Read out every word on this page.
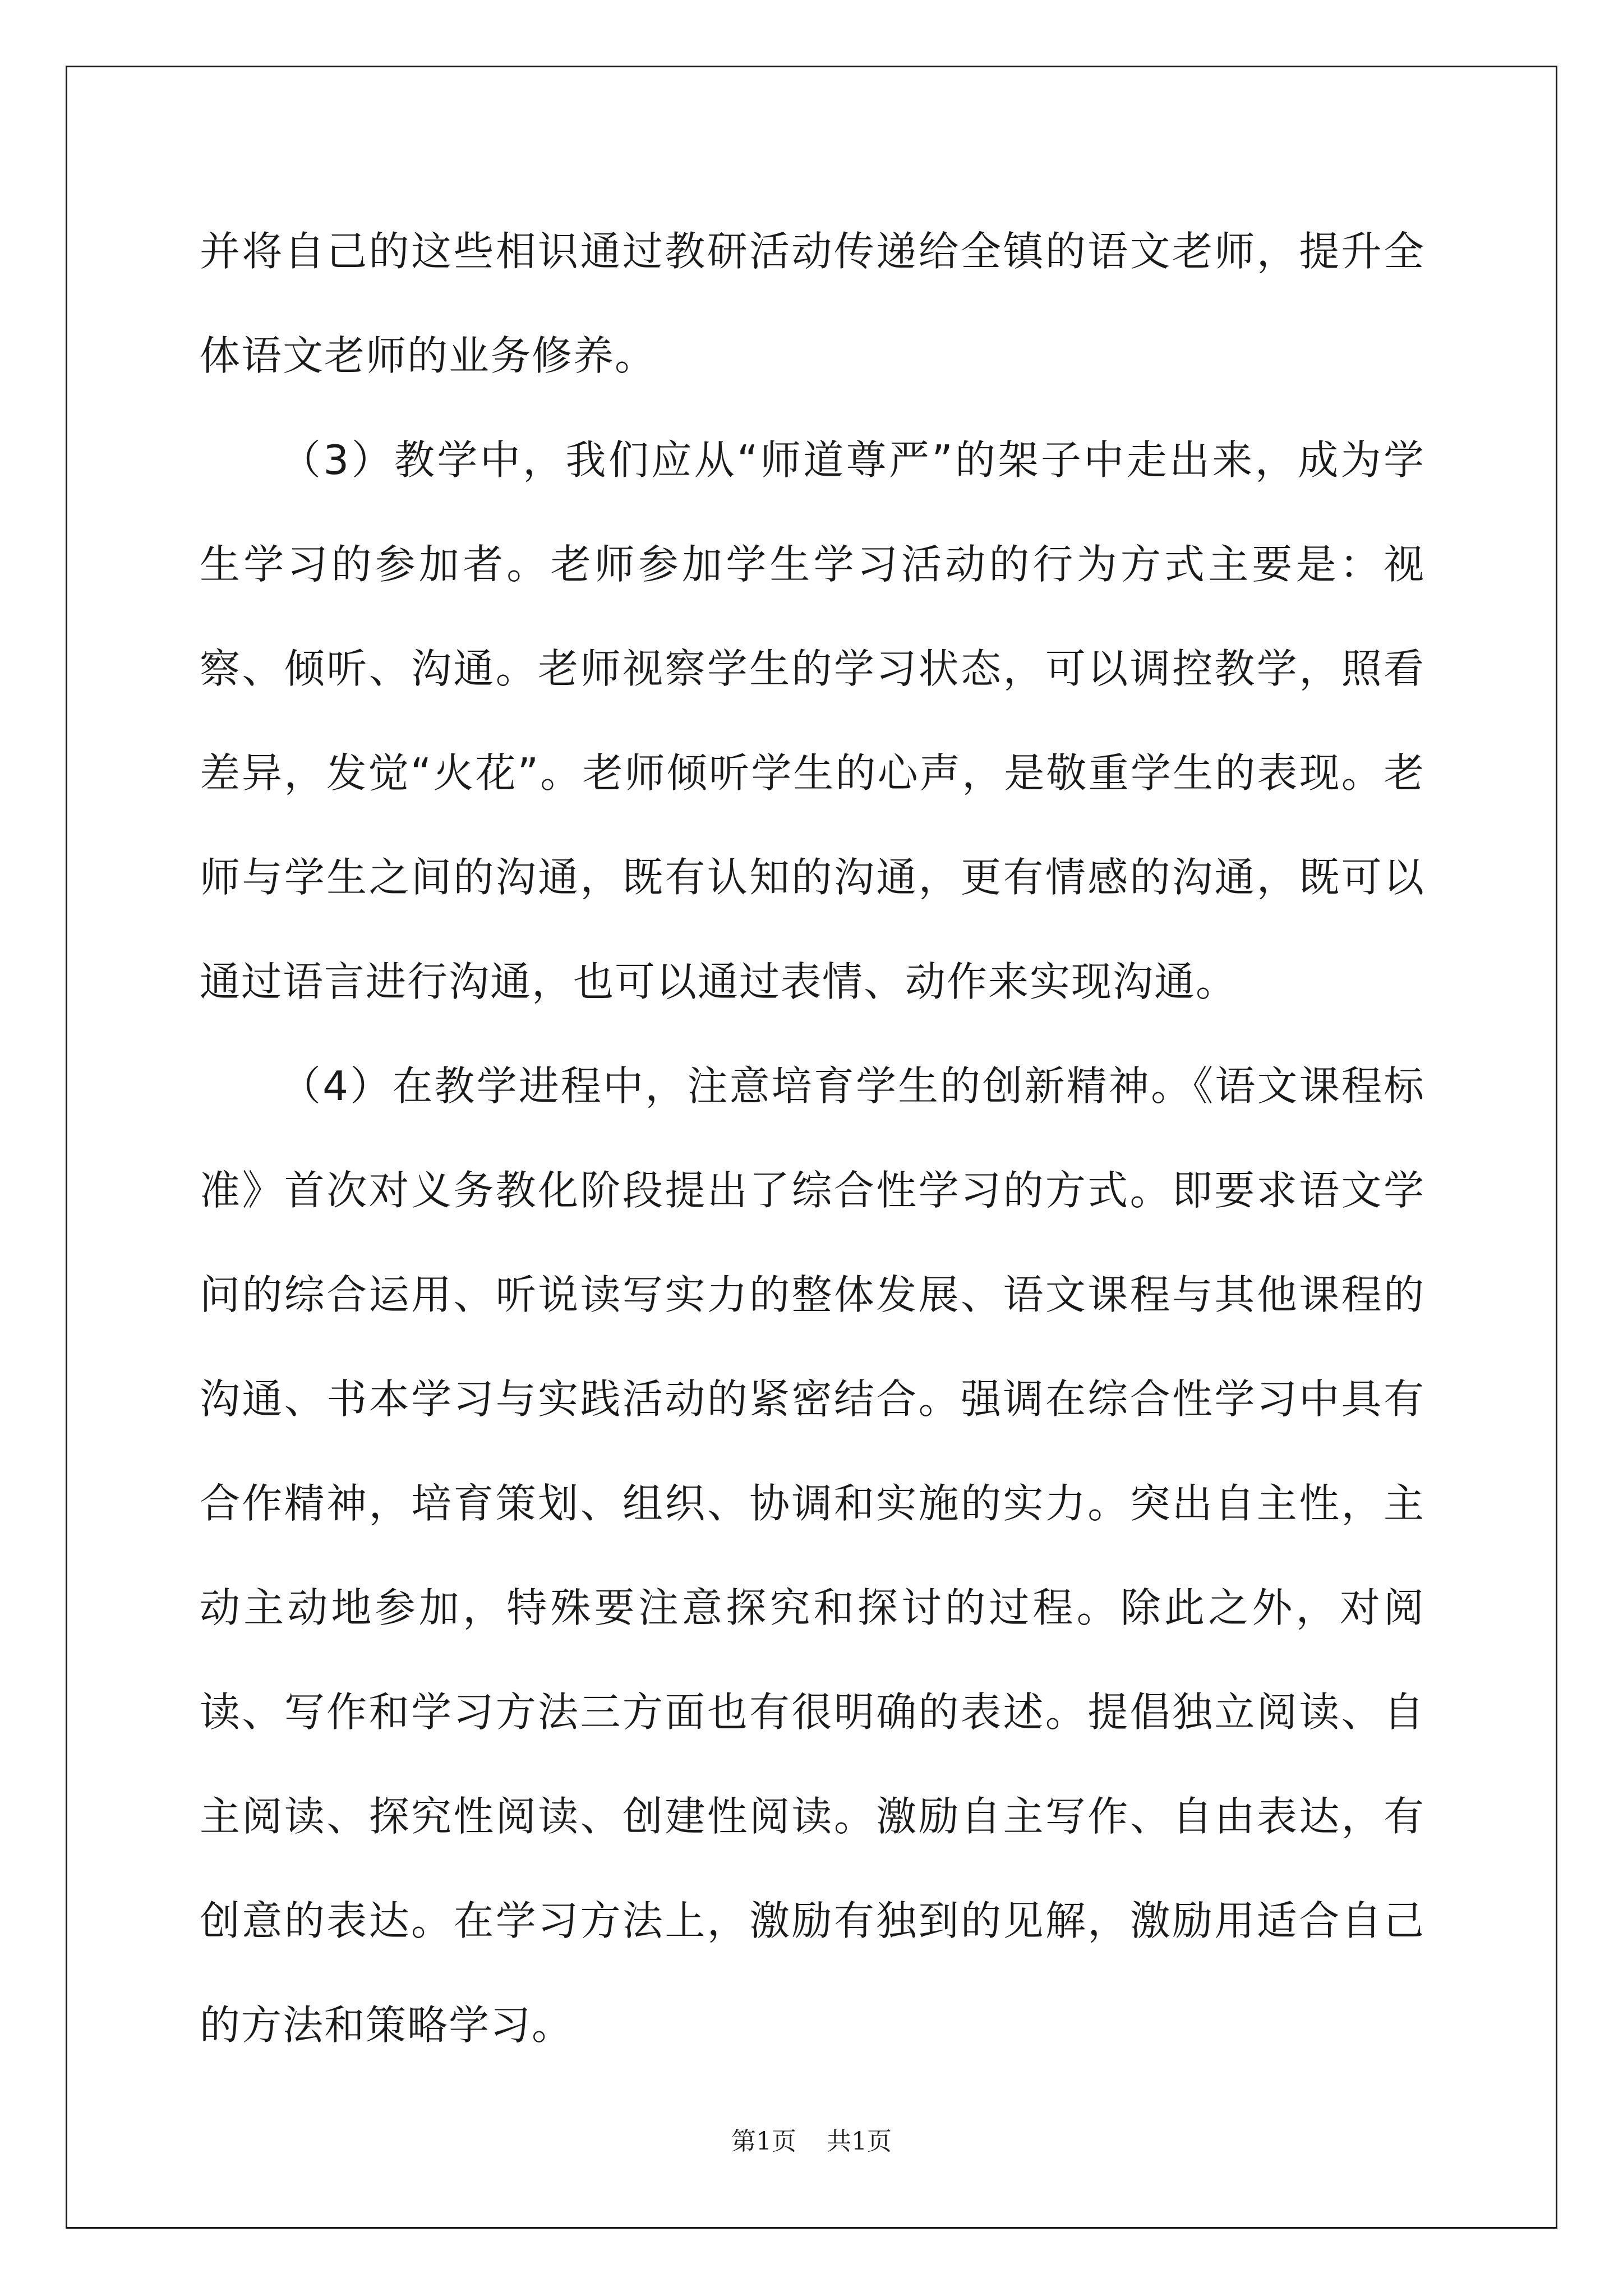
并将自己的这些相识通过教研活动传递给全镇的语文老师，提升全体语文老师的业务修养。

（3）教学中，我们应从“师道尊严”的架子中走出来，成为学生学习的参加者。老师参加学生学习活动的行为方式主要是：视察、倾听、沟通。老师视察学生的学习状态，可以调控教学，照看差异，发觉“火花”。老师倾听学生的心声，是敬重学生的表现。老师与学生之间的沟通，既有认知的沟通，更有情感的沟通，既可以通过语言进行沟通，也可以通过表情、动作来实现沟通。

（4）在教学进程中，注意培育学生的创新精神。《语文课程标准》首次对义务教化阶段提出了综合性学习的方式。即要求语文学问的综合运用、听说读写实力的整体发展、语文课程与其他课程的沟通、书本学习与实践活动的紧密结合。强调在综合性学习中具有合作精神，培育策划、组织、协调和实施的实力。突出自主性，主动主动地参加，特殊要注意探究和探讨的过程。除此之外，对阅读、写作和学习方法三方面也有很明确的表述。提倡独立阅读、自主阅读、探究性阅读、创建性阅读。激励自主写作、自由表达，有创意的表达。在学习方法上，激励有独到的见解，激励用适合自己的方法和策略学习。

第1页 共1页
